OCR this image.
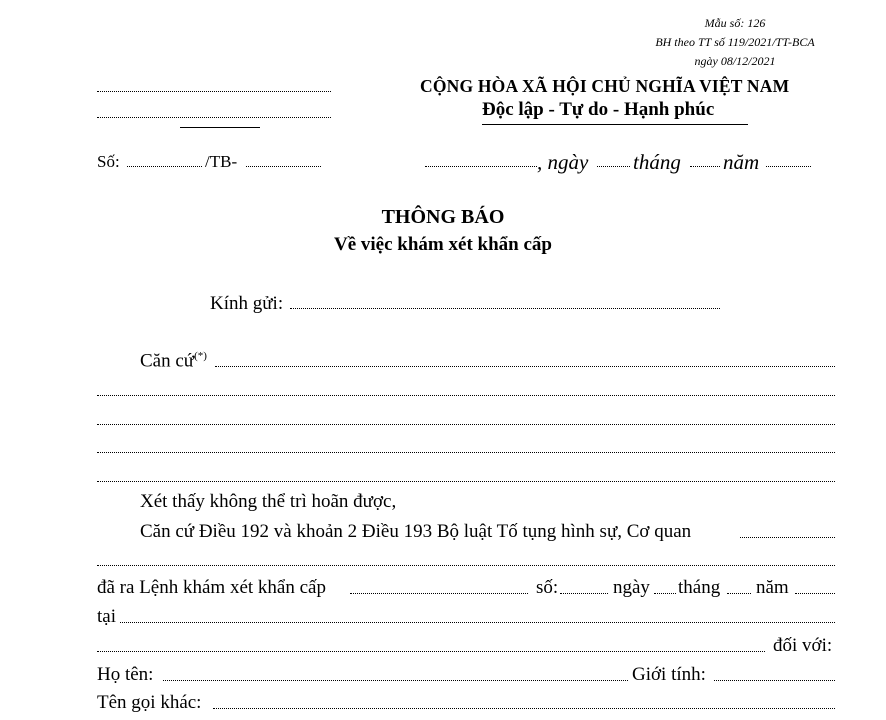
Mẫu số: 126
BH theo TT số 119/2021/TT-BCA
ngày 08/12/2021
CỘNG HÒA XÃ HỘI CHỦ NGHĨA VIỆT NAM
Độc lập - Tự do - Hạnh phúc
Số:	/TB-	, ngày tháng năm
THÔNG BÁO
Về việc khám xét khẩn cấp
Kính gửi:
Căn cứ(*)
Xét thấy không thể trì hoãn được,
Căn cứ Điều 192 và khoản 2 Điều 193 Bộ luật Tố tụng hình sự, Cơ quan
đã ra Lệnh khám xét khẩn cấp	số:	ngày tháng năm
tại
đối với:
Họ tên:	Giới tính:
Tên gọi khác:
